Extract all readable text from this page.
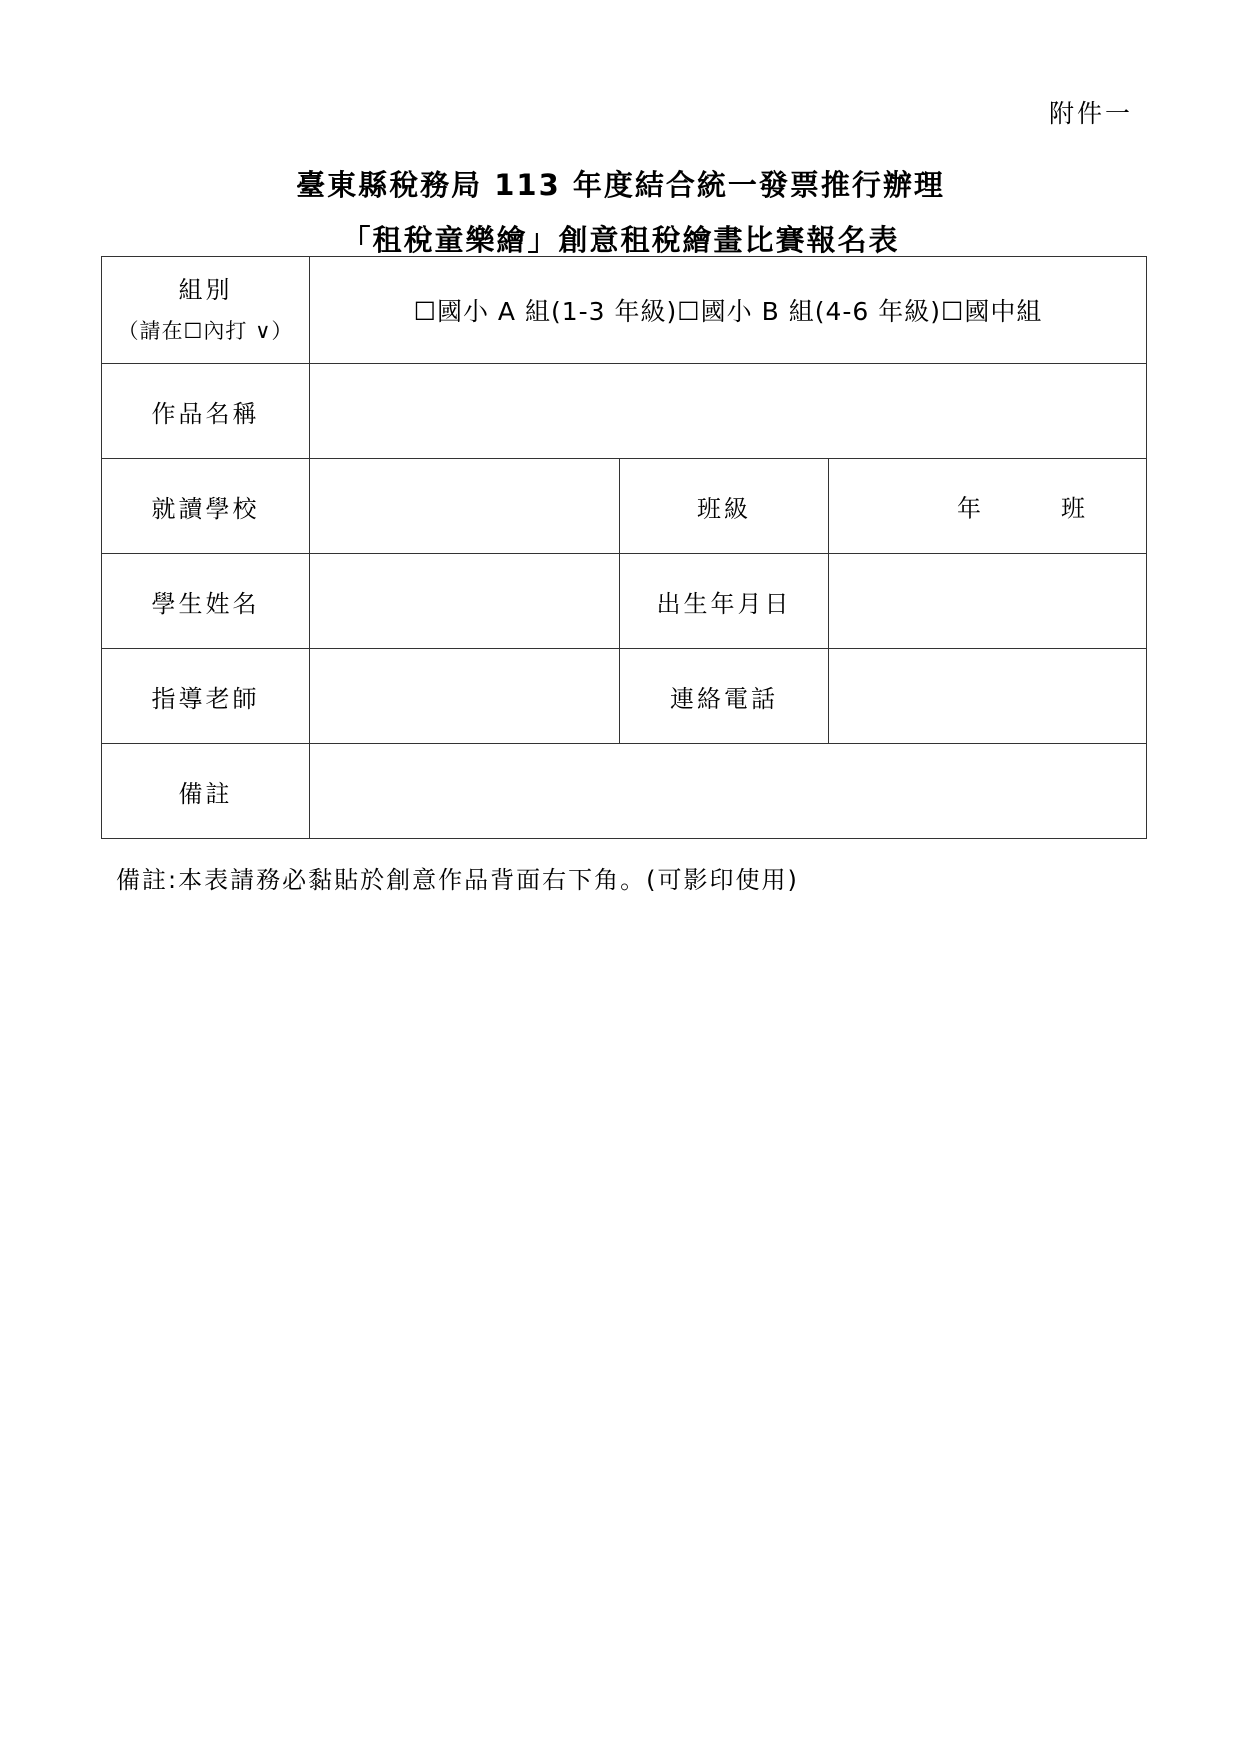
附件一
臺東縣稅務局 113 年度結合統一發票推行辦理
「租稅童樂繪」創意租稅繪畫比賽報名表
組別
（請在☐內打 ∨）	☐國小 A 組(1-3 年級)☐國小 B 組(4-6 年級)☐國中組		
作品名稱			
就讀學校		班級	年 班

學生姓名		出生年月日	
指導老師		連絡電話	
備註			
備註:本表請務必黏貼於創意作品背面右下角。(可影印使用)
